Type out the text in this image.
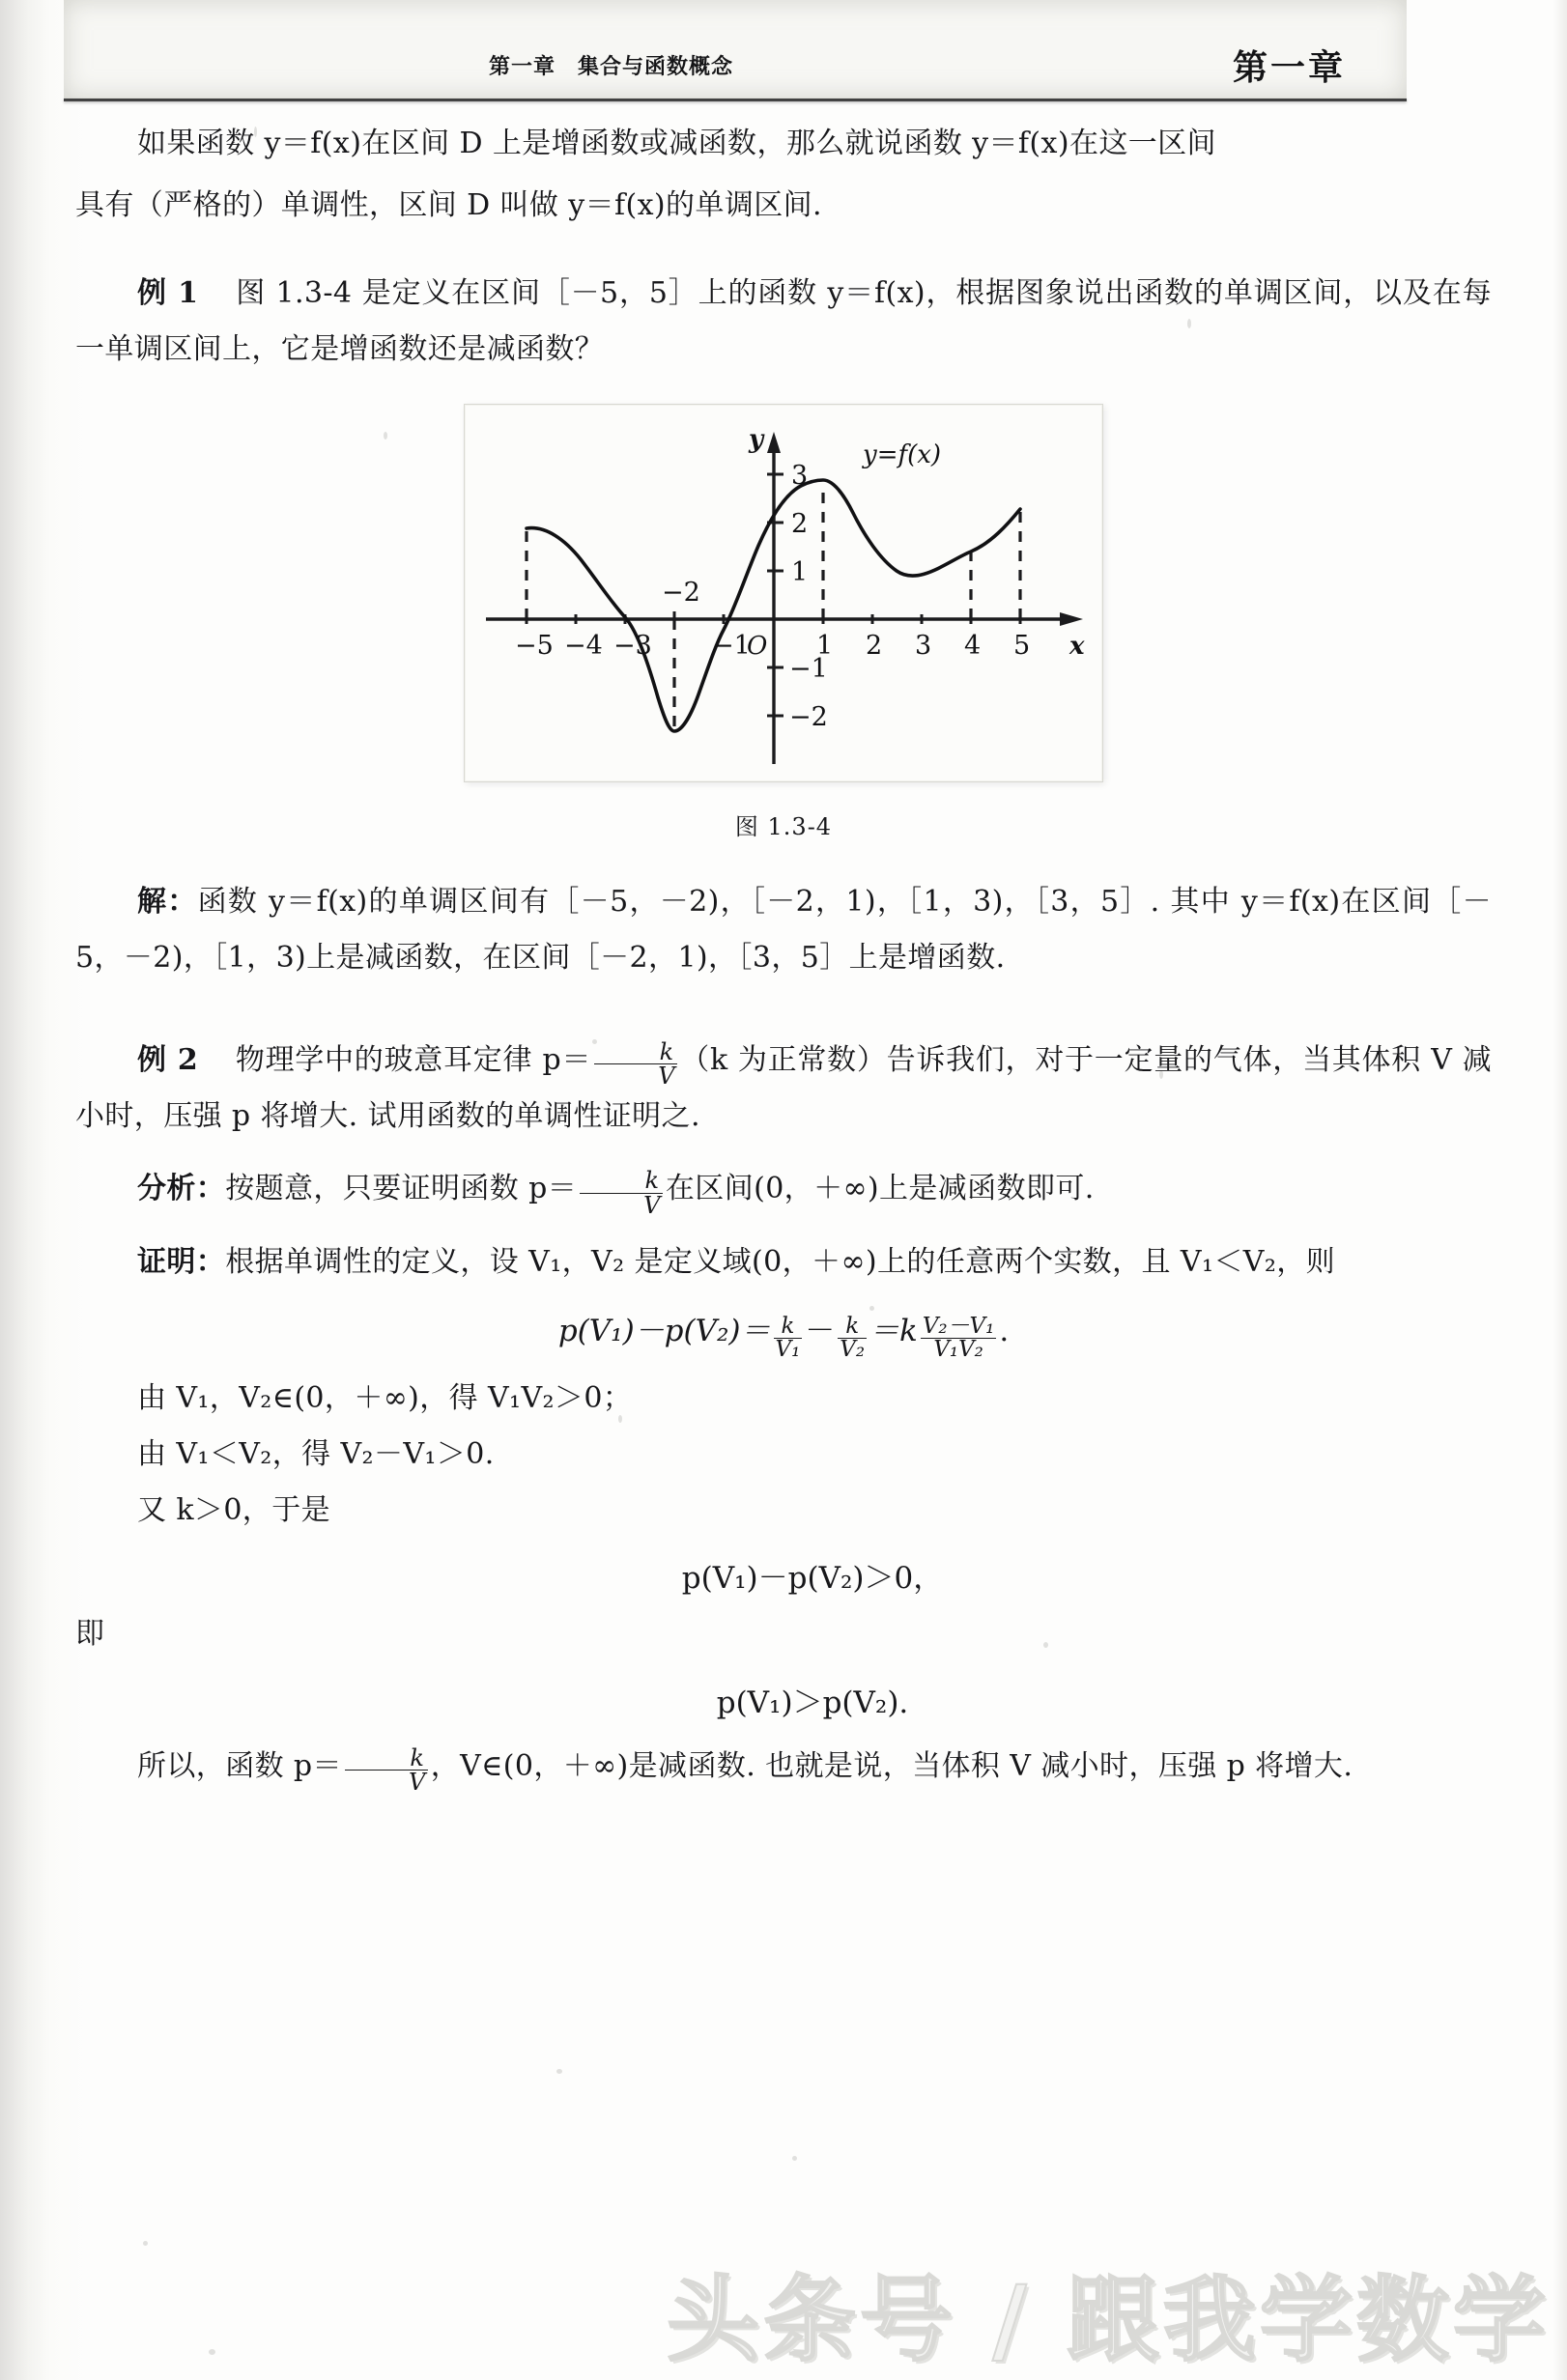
第一章　集合与函数概念	第一章

如果函数 y＝f(x)在区间 D 上是增函数或减函数，那么就说函数 y＝f(x)在这一区间

具有（严格的）单调性，区间 D 叫做 y＝f(x)的单调区间.

例 1 图 1.3-4 是定义在区间［－5，5］上的函数 y＝f(x)，根据图象说出函数的单调区间，以及在每一单调区间上，它是增函数还是减函数？

y
x
O
y=f(x)
−5 −4 −3
−2
−1	1 2 3 4 5
3
2
1
−1
−2
图 1.3-4

解：函数 y＝f(x)的单调区间有［－5，－2)，［－2，1)，［1，3)，［3，5］. 其中 y＝f(x)在区间［－5，－2)，［1，3)上是减函数，在区间［－2，1)，［3，5］上是增函数.

例 2 物理学中的玻意耳定律 $p= \frac{k}{V} (k$ 为正常数）告诉我们，对于一定量的气体，当其体积 V 减小时，压强 p 将增大. 试用函数的单调性证明之.

分析：按题意，只要证明函数 $p= \frac{k}{V}$ 在区间(0，＋∞)上是减函数即可.

证明：根据单调性的定义，设 V₁，V₂ 是定义域(0，＋∞)上的任意两个实数，且 V₁＜V₂，则

$p(V_1)-p(V_2)= \frac{k}{\text{V₁}} - \frac{k}{\text{V₂}} =k \frac{\text{V₂－V₁}}{\text{V₁V₂}}$ .

由 V₁，V₂∈(0，＋∞)，得 V₁V₂＞0；

由 V₁＜V₂，得 V₂－V₁＞0.

又 k＞0，于是

p(V₁)－p(V₂)＞0，

即

p(V₁)＞p(V₂).

所以，函数 $p= \frac{k}{V}$ ，V∈(0，＋∞)是减函数. 也就是说，当体积 V 减小时，压强 p 将增大.

头条号 / 跟我学数学
